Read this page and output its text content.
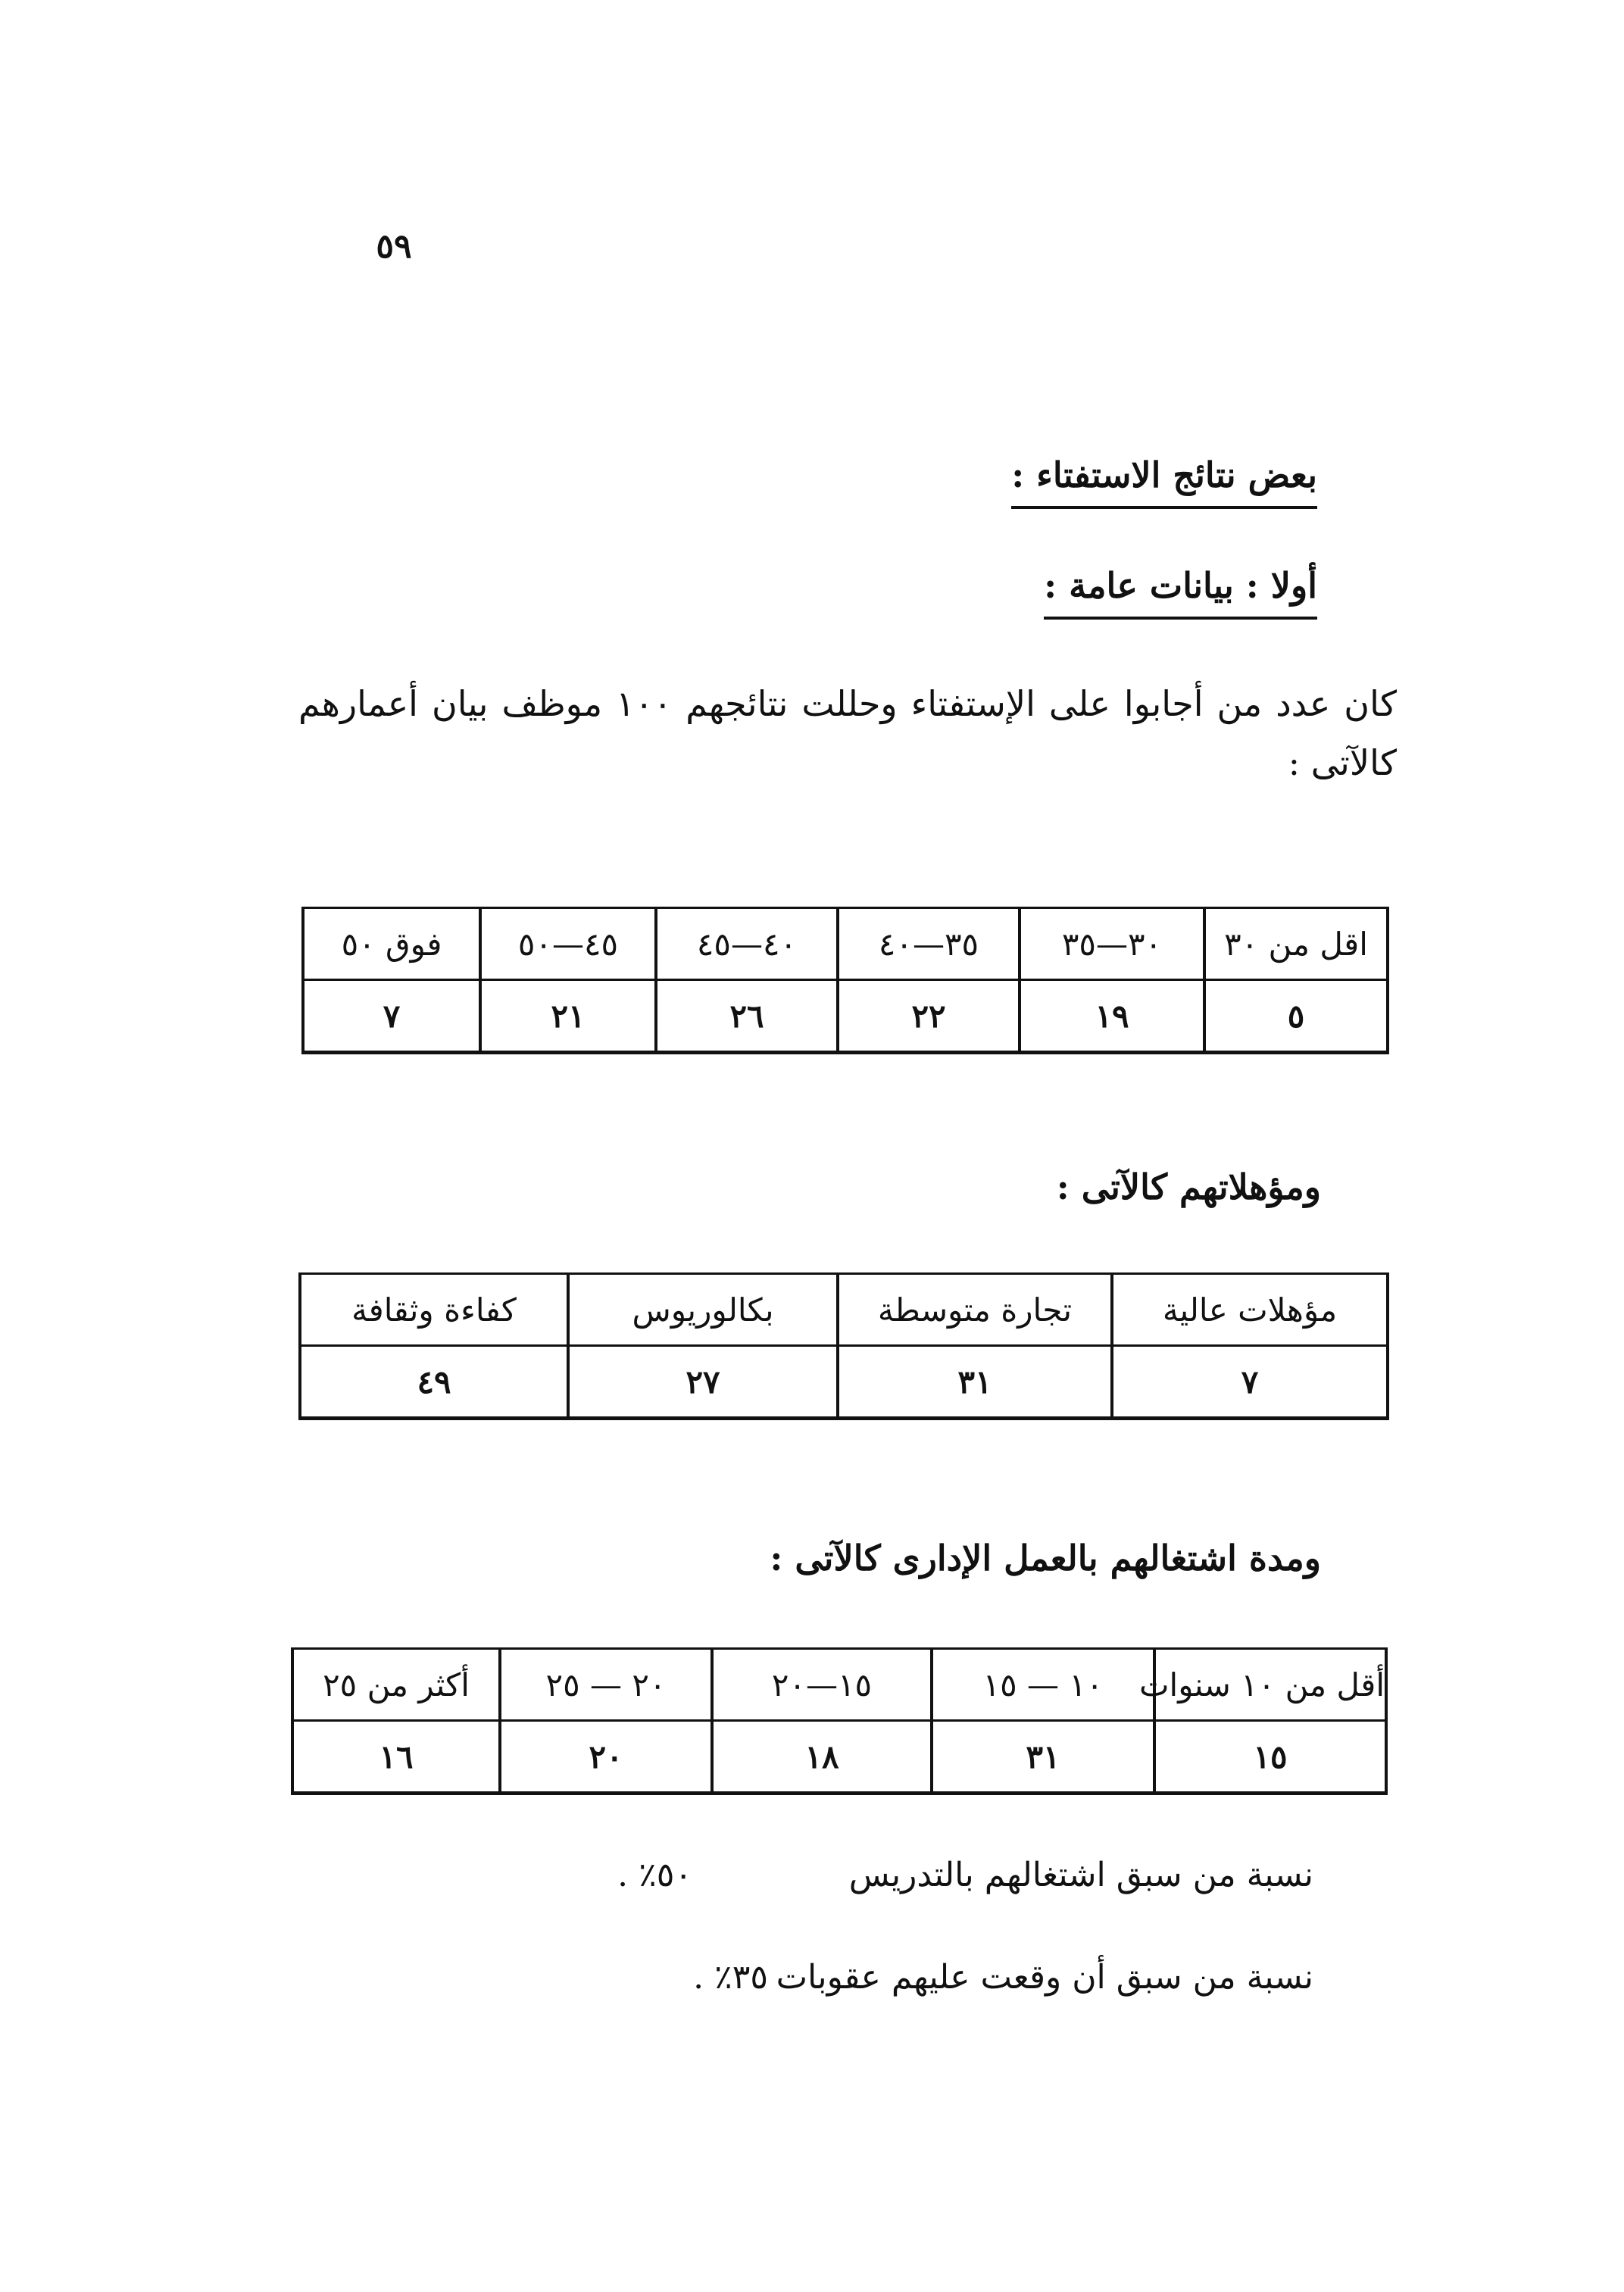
٥٩
بعض نتائج الاستفتاء :
أولا : بيانات عامة :
كان عدد من أجابوا على الإستفتاء وحللت نتائجهم ١٠٠ موظف بيان أعمارهم كالآتى :
اقل من ٣٠	٣٠—٣٥	٣٥—٤٠	٤٠—٤٥	٤٥—٥٠	فوق ٥٠
٥	١٩	٢٢	٢٦	٢١	٧
ومؤهلاتهم كالآتى :
مؤهلات عالية	تجارة متوسطة	بكالوريوس	كفاءة وثقافة
٧	٣١	٢٧	٤٩
ومدة اشتغالهم بالعمل الإدارى كالآتى :
أقل من ١٠ سنوات	١٠ — ١٥	١٥—٢٠	٢٠ — ٢٥	أكثر من ٢٥
١٥	٣١	١٨	٢٠	١٦
نسبة من سبق اشتغالهم بالتدريس
٥٠٪ .
نسبة من سبق أن وقعت عليهم عقوبات
٣٥٪ .
